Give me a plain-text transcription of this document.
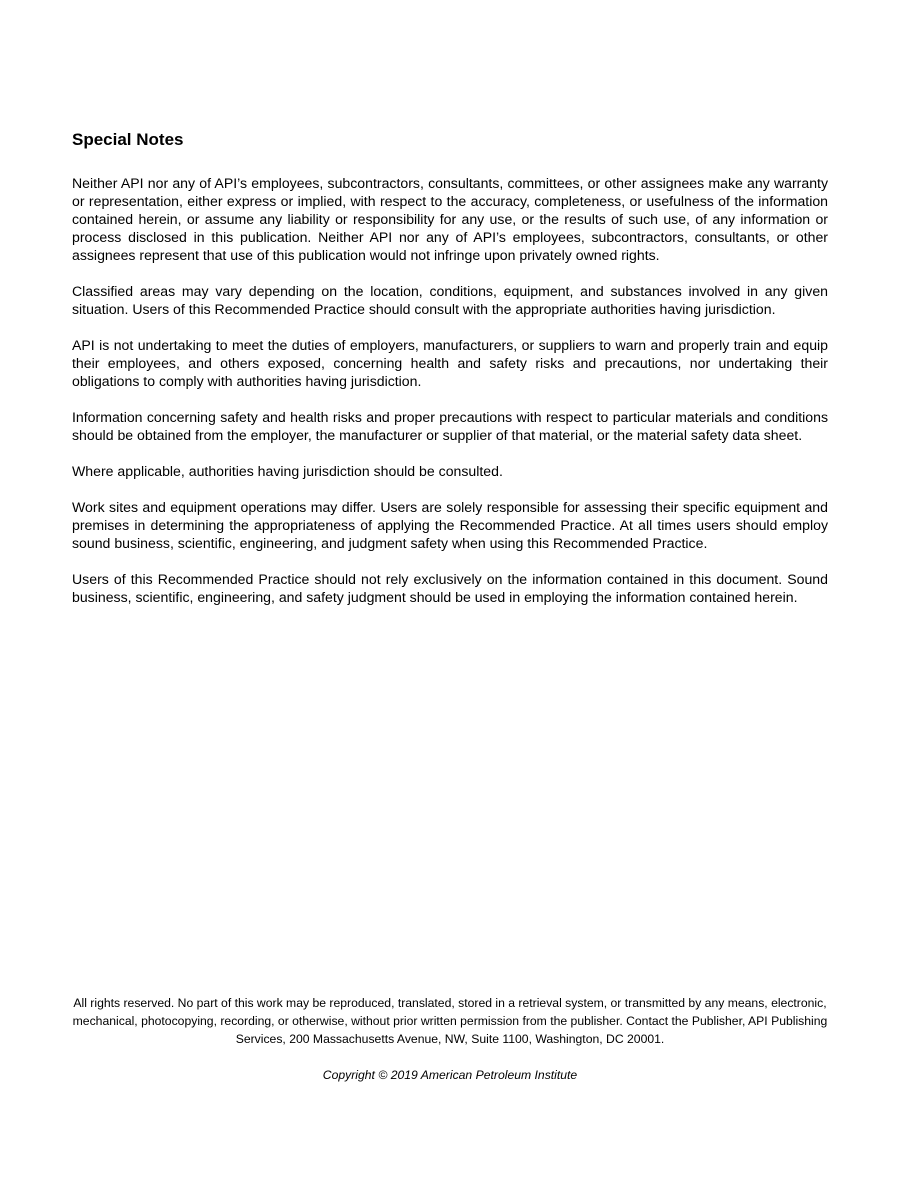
Special Notes

Neither API nor any of API’s employees, subcontractors, consultants, committees, or other assignees make any warranty or representation, either express or implied, with respect to the accuracy, completeness, or usefulness of the information contained herein, or assume any liability or responsibility for any use, or the results of such use, of any information or process disclosed in this publication. Neither API nor any of API’s employees, subcontractors, consultants, or other assignees represent that use of this publication would not infringe upon privately owned rights.

Classified areas may vary depending on the location, conditions, equipment, and substances involved in any given situation. Users of this Recommended Practice should consult with the appropriate authorities having jurisdiction.

API is not undertaking to meet the duties of employers, manufacturers, or suppliers to warn and properly train and equip their employees, and others exposed, concerning health and safety risks and precautions, nor undertaking their obligations to comply with authorities having jurisdiction.

Information concerning safety and health risks and proper precautions with respect to particular materials and conditions should be obtained from the employer, the manufacturer or supplier of that material, or the material safety data sheet.

Where applicable, authorities having jurisdiction should be consulted.

Work sites and equipment operations may differ. Users are solely responsible for assessing their specific equipment and premises in determining the appropriateness of applying the Recommended Practice. At all times users should employ sound business, scientific, engineering, and judgment safety when using this Recommended Practice.

Users of this Recommended Practice should not rely exclusively on the information contained in this document. Sound business, scientific, engineering, and safety judgment should be used in employing the information contained herein.

All rights reserved. No part of this work may be reproduced, translated, stored in a retrieval system, or transmitted by any means, electronic, mechanical, photocopying, recording, or otherwise, without prior written permission from the publisher. Contact the Publisher, API Publishing Services, 200 Massachusetts Avenue, NW, Suite 1100, Washington, DC 20001.

Copyright © 2019 American Petroleum Institute
